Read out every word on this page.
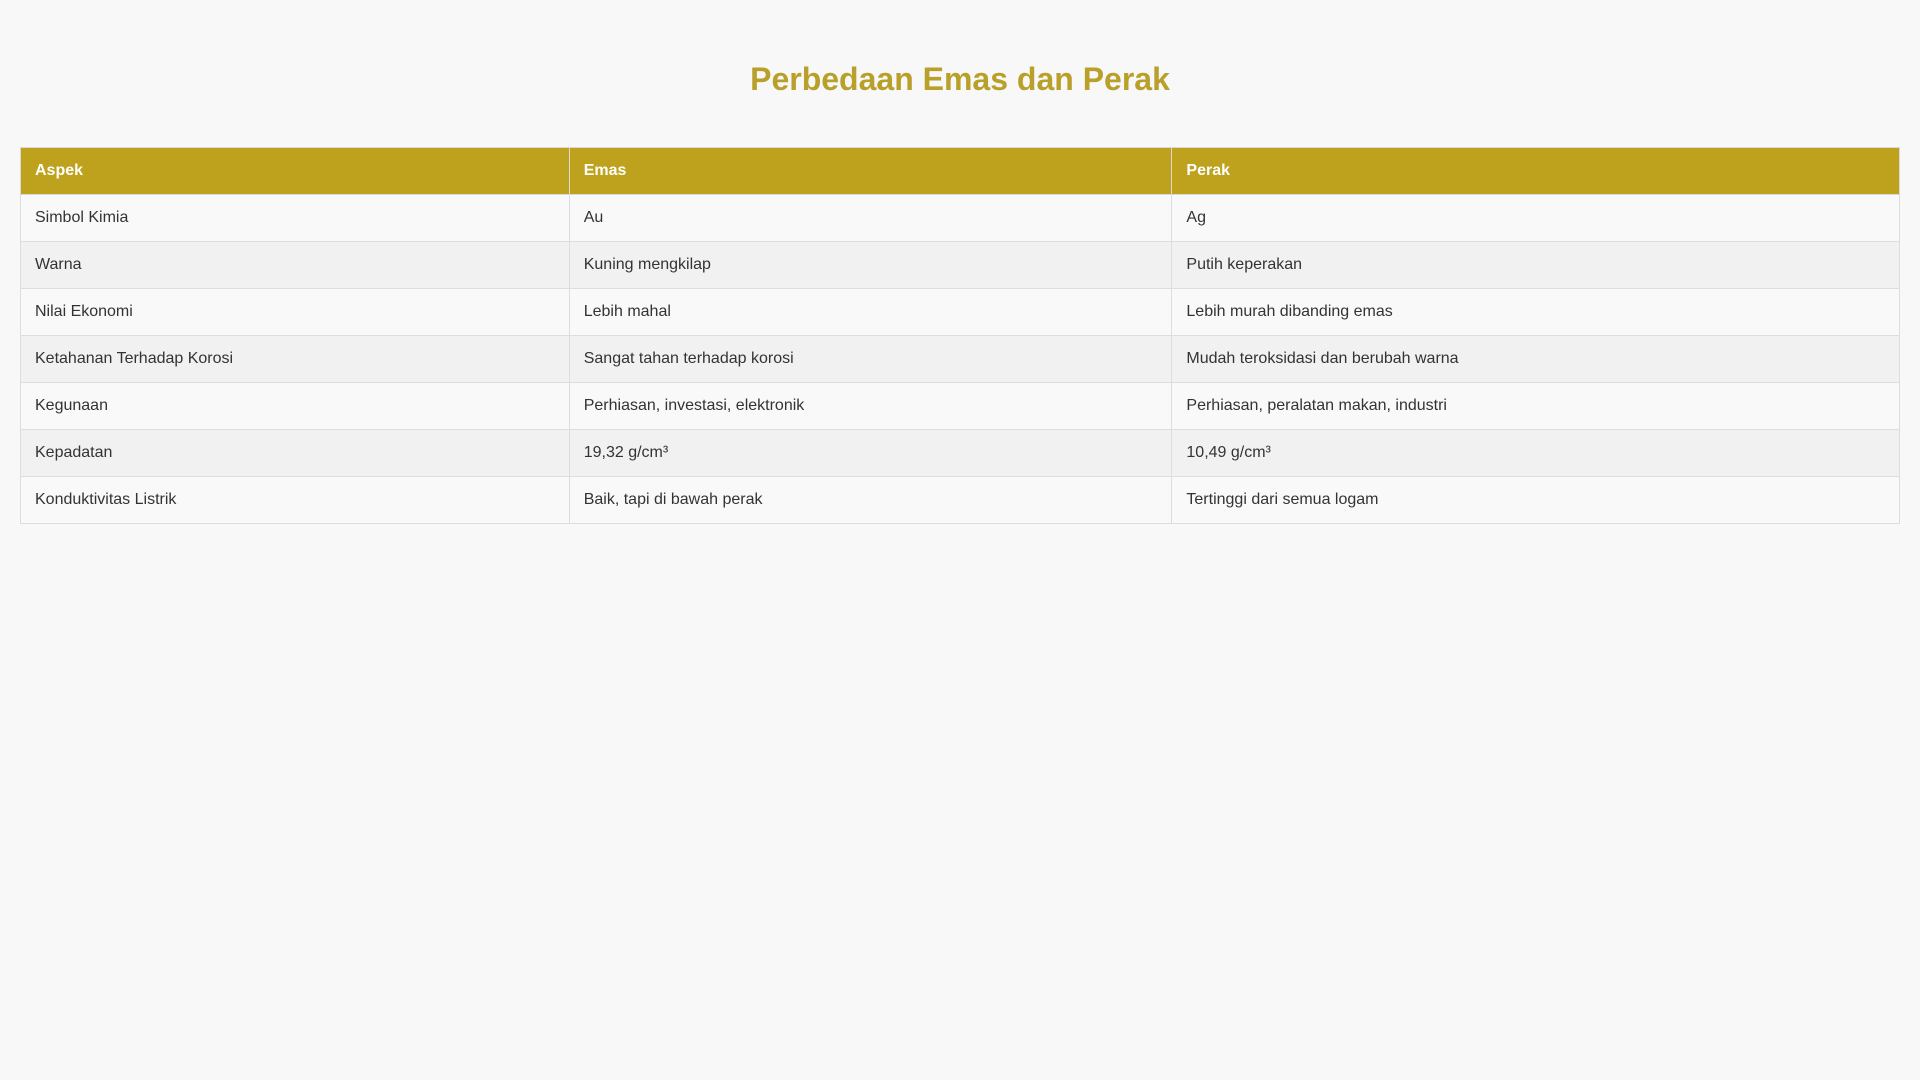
Perbedaan Emas dan Perak
Aspek	Emas	Perak
Simbol Kimia	Au	Ag
Warna	Kuning mengkilap	Putih keperakan
Nilai Ekonomi	Lebih mahal	Lebih murah dibanding emas
Ketahanan Terhadap Korosi	Sangat tahan terhadap korosi	Mudah teroksidasi dan berubah warna
Kegunaan	Perhiasan, investasi, elektronik	Perhiasan, peralatan makan, industri
Kepadatan	19,32 g/cm³	10,49 g/cm³
Konduktivitas Listrik	Baik, tapi di bawah perak	Tertinggi dari semua logam
